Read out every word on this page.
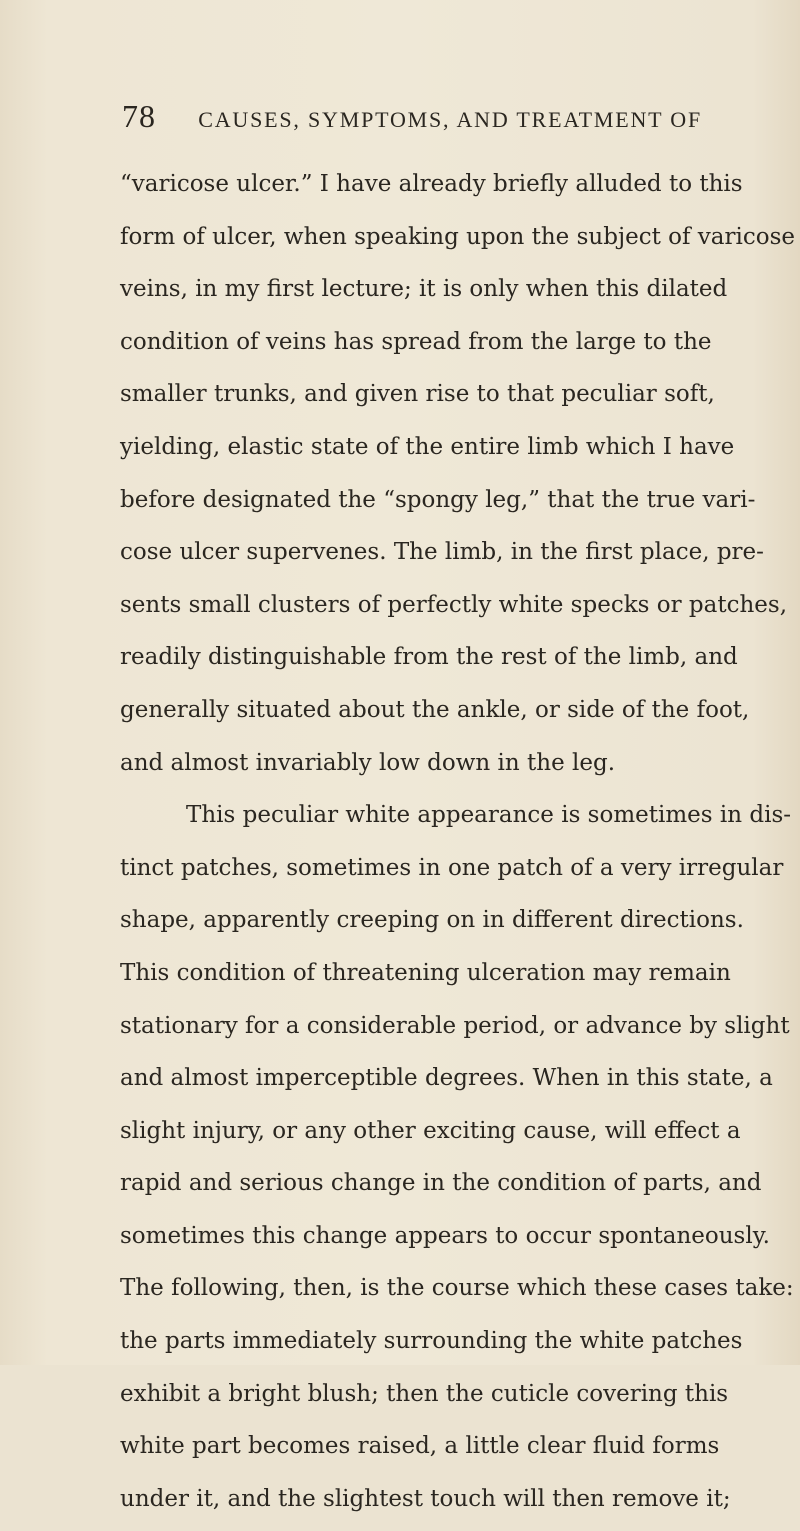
78	CAUSES, SYMPTOMS, AND TREATMENT OF
“varicose ulcer.” I have already briefly alluded to this
form of ulcer, when speaking upon the subject of varicose
veins, in my first lecture; it is only when this dilated
condition of veins has spread from the large to the
smaller trunks, and given rise to that peculiar soft,
yielding, elastic state of the entire limb which I have
before designated the “spongy leg,” that the true vari-
cose ulcer supervenes. The limb, in the first place, pre-
sents small clusters of perfectly white specks or patches,
readily distinguishable from the rest of the limb, and
generally situated about the ankle, or side of the foot,
and almost invariably low down in the leg.
This peculiar white appearance is sometimes in dis-
tinct patches, sometimes in one patch of a very irregular
shape, apparently creeping on in different directions.
This condition of threatening ulceration may remain
stationary for a considerable period, or advance by slight
and almost imperceptible degrees. When in this state, a
slight injury, or any other exciting cause, will effect a
rapid and serious change in the condition of parts, and
sometimes this change appears to occur spontaneously.
The following, then, is the course which these cases take:
the parts immediately surrounding the white patches
exhibit a bright blush; then the cuticle covering this
white part becomes raised, a little clear fluid forms
under it, and the slightest touch will then remove it;
